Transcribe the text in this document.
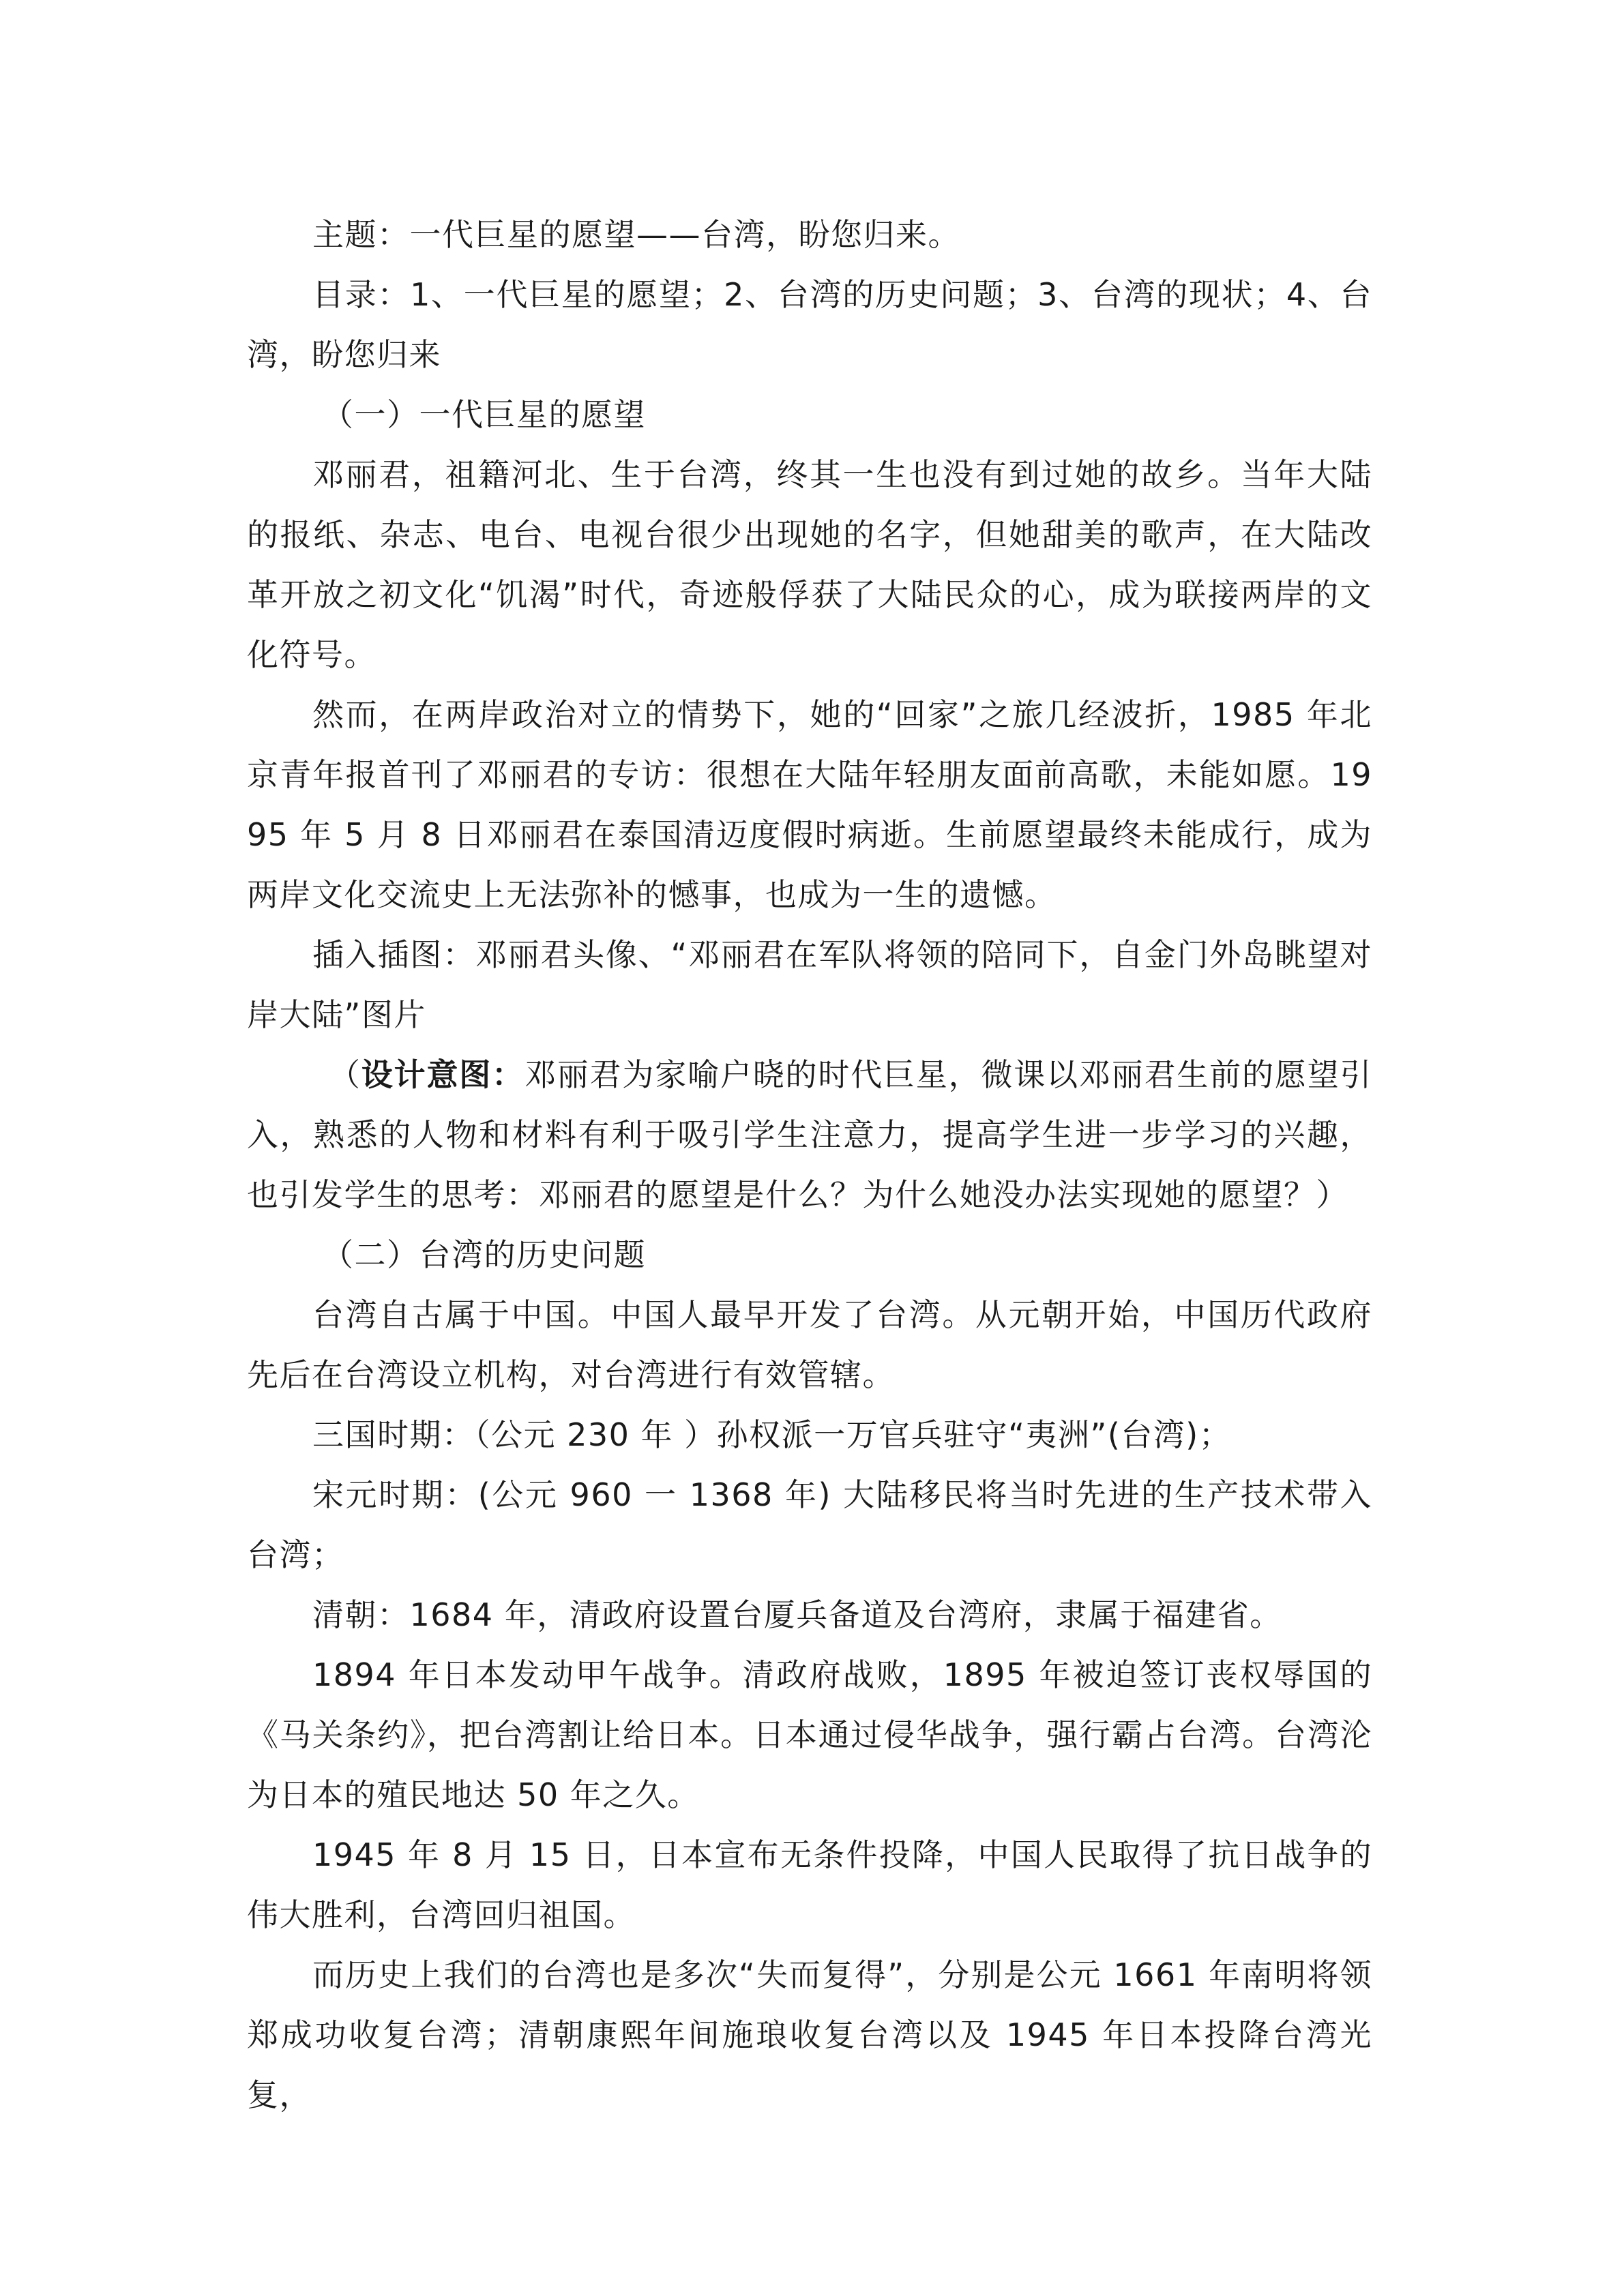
主题：一代巨星的愿望——台湾，盼您归来。

目录：1、一代巨星的愿望；2、台湾的历史问题；3、台湾的现状；4、台湾，盼您归来

（一）一代巨星的愿望

邓丽君，祖籍河北、生于台湾，终其一生也没有到过她的故乡。当年大陆的报纸、杂志、电台、电视台很少出现她的名字，但她甜美的歌声，在大陆改革开放之初文化“饥渴”时代，奇迹般俘获了大陆民众的心，成为联接两岸的文化符号。

然而，在两岸政治对立的情势下，她的“回家”之旅几经波折，1985 年北京青年报首刊了邓丽君的专访：很想在大陆年轻朋友面前高歌，未能如愿。1995 年 5 月 8 日邓丽君在泰国清迈度假时病逝。生前愿望最终未能成行，成为两岸文化交流史上无法弥补的憾事，也成为一生的遗憾。

插入插图：邓丽君头像、“邓丽君在军队将领的陪同下，自金门外岛眺望对岸大陆”图片

（设计意图：邓丽君为家喻户晓的时代巨星，微课以邓丽君生前的愿望引入，熟悉的人物和材料有利于吸引学生注意力，提高学生进一步学习的兴趣，也引发学生的思考：邓丽君的愿望是什么？为什么她没办法实现她的愿望？）

（二）台湾的历史问题

台湾自古属于中国。中国人最早开发了台湾。从元朝开始，中国历代政府先后在台湾设立机构，对台湾进行有效管辖。

三国时期：（公元 230 年 ）孙权派一万官兵驻守“夷洲”(台湾)；

宋元时期：(公元 960 一 1368 年) 大陆移民将当时先进的生产技术带入台湾；

清朝：1684 年，清政府设置台厦兵备道及台湾府，隶属于福建省。

1894 年日本发动甲午战争。清政府战败，1895 年被迫签订丧权辱国的《马关条约》，把台湾割让给日本。日本通过侵华战争，强行霸占台湾。台湾沦为日本的殖民地达 50 年之久。

1945 年 8 月 15 日，日本宣布无条件投降，中国人民取得了抗日战争的伟大胜利，台湾回归祖国。

而历史上我们的台湾也是多次“失而复得”，分别是公元 1661 年南明将领郑成功收复台湾；清朝康熙年间施琅收复台湾以及 1945 年日本投降台湾光复，
